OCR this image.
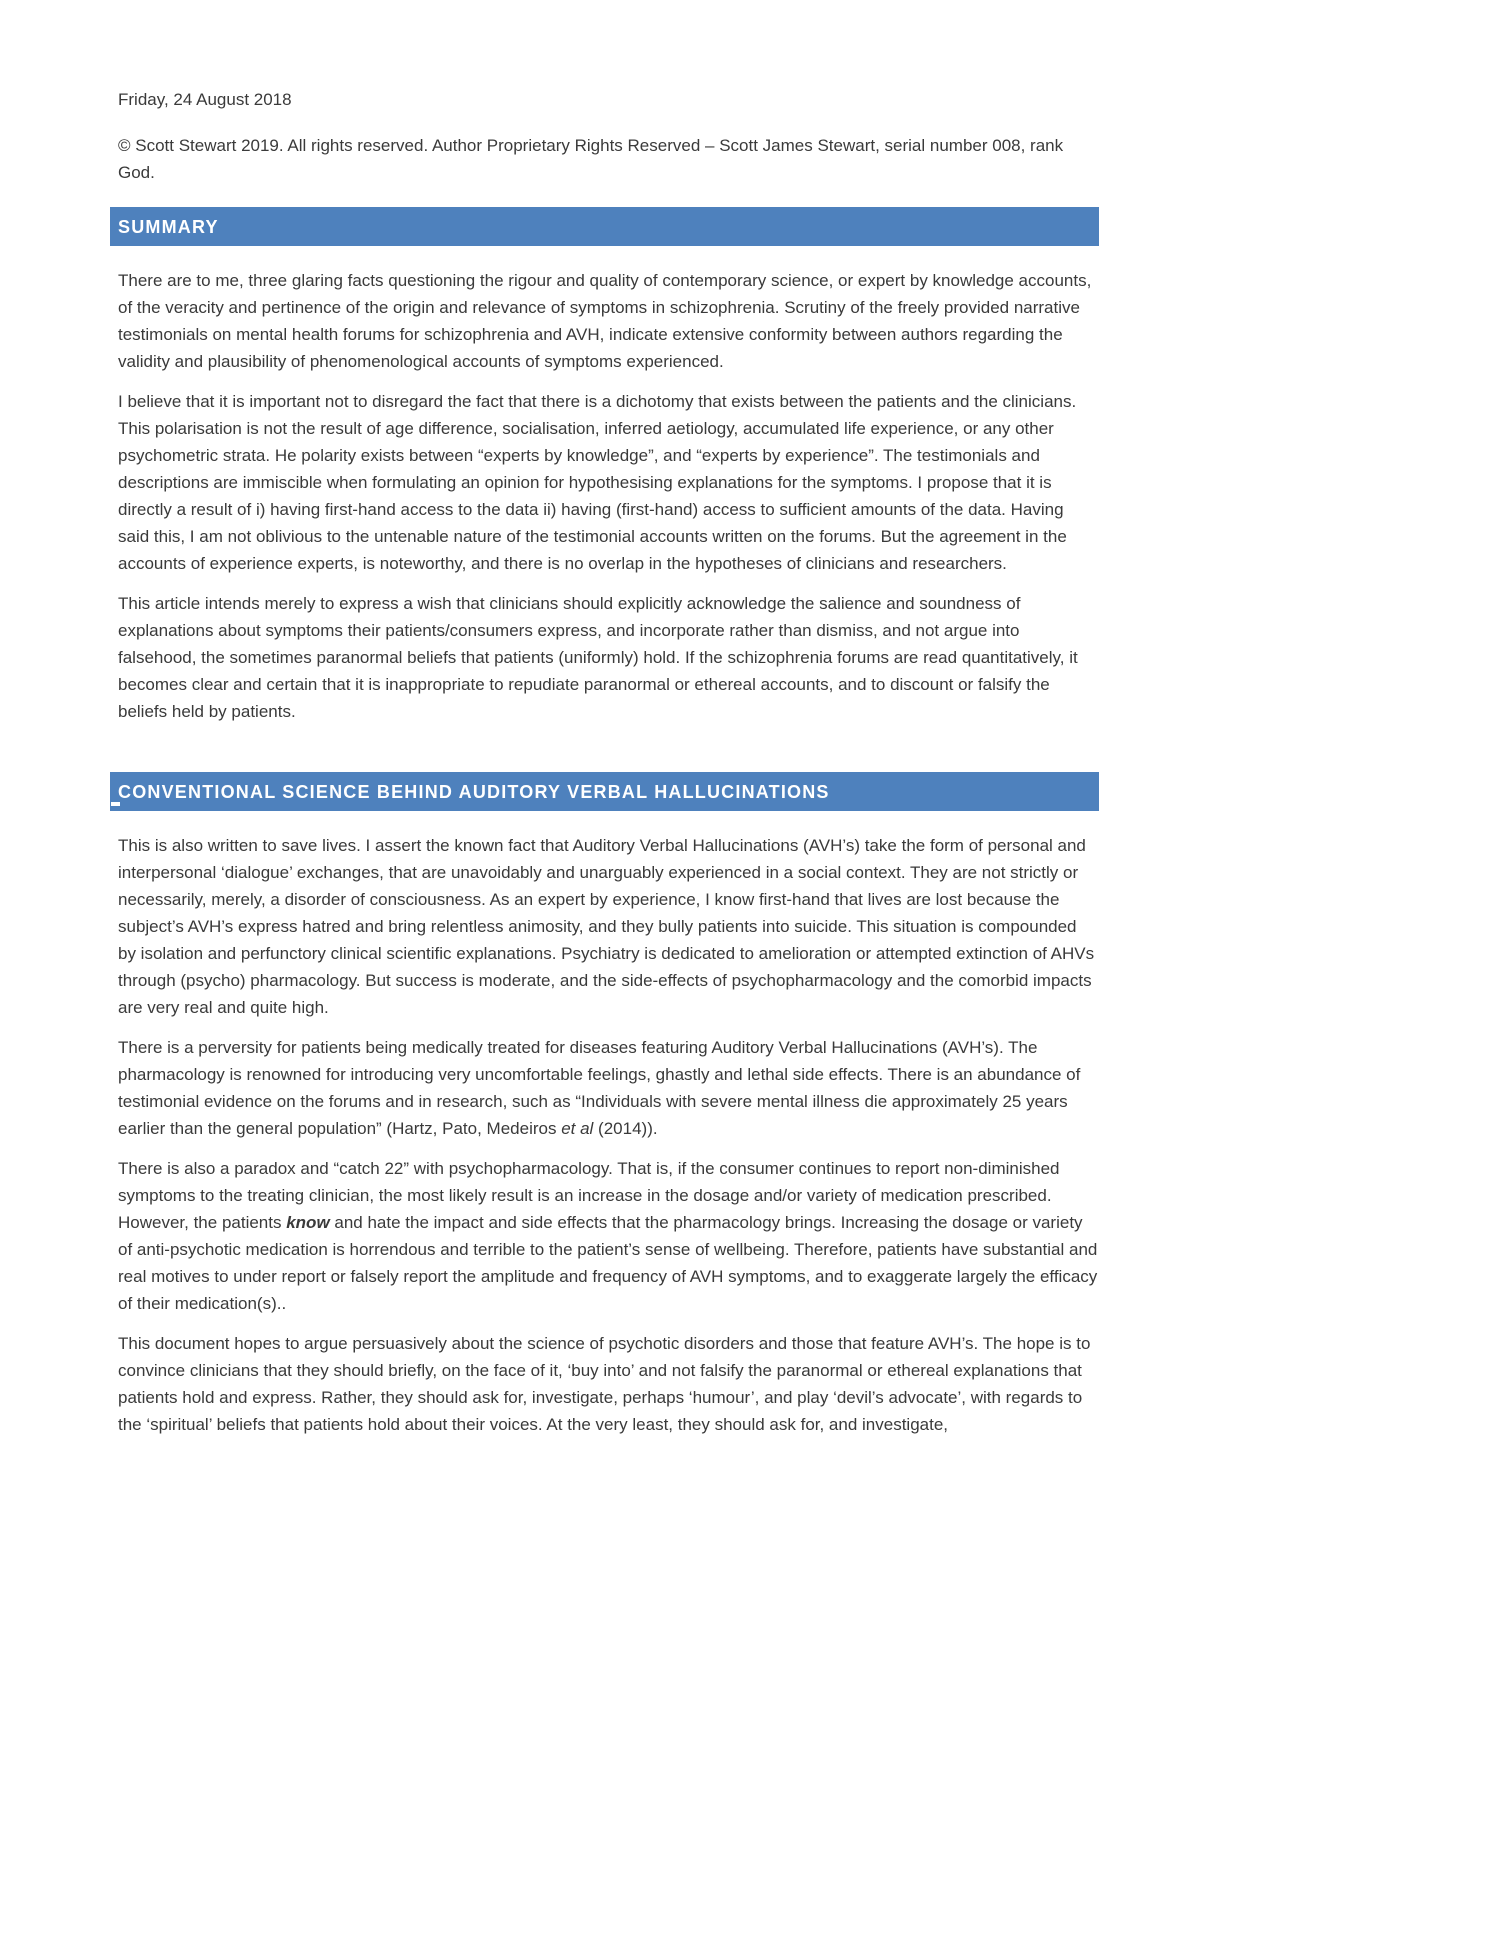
Friday, 24 August 2018

© Scott Stewart 2019. All rights reserved. Author Proprietary Rights Reserved – Scott James Stewart, serial number 008, rank God.

SUMMARY

There are to me, three glaring facts questioning the rigour and quality of contemporary science, or expert by knowledge accounts, of the veracity and pertinence of the origin and relevance of symptoms in schizophrenia. Scrutiny of the freely provided narrative testimonials on mental health forums for schizophrenia and AVH, indicate extensive conformity between authors regarding the validity and plausibility of phenomenological accounts of symptoms experienced.

I believe that it is important not to disregard the fact that there is a dichotomy that exists between the patients and the clinicians. This polarisation is not the result of age difference, socialisation, inferred aetiology, accumulated life experience, or any other psychometric strata. He polarity exists between “experts by knowledge”, and “experts by experience”. The testimonials and descriptions are immiscible when formulating an opinion for hypothesising explanations for the symptoms. I propose that it is directly a result of i) having first-hand access to the data ii) having (first-hand) access to sufficient amounts of the data. Having said this, I am not oblivious to the untenable nature of the testimonial accounts written on the forums. But the agreement in the accounts of experience experts, is noteworthy, and there is no overlap in the hypotheses of clinicians and researchers.

This article intends merely to express a wish that clinicians should explicitly acknowledge the salience and soundness of explanations about symptoms their patients/consumers express, and incorporate rather than dismiss, and not argue into falsehood, the sometimes paranormal beliefs that patients (uniformly) hold. If the schizophrenia forums are read quantitatively, it becomes clear and certain that it is inappropriate to repudiate paranormal or ethereal accounts, and to discount or falsify the beliefs held by patients.

CONVENTIONAL SCIENCE BEHIND AUDITORY VERBAL HALLUCINATIONS

This is also written to save lives. I assert the known fact that Auditory Verbal Hallucinations (AVH’s) take the form of personal and interpersonal ‘dialogue’ exchanges, that are unavoidably and unarguably experienced in a social context. They are not strictly or necessarily, merely, a disorder of consciousness. As an expert by experience, I know first-hand that lives are lost because the subject’s AVH’s express hatred and bring relentless animosity, and they bully patients into suicide. This situation is compounded by isolation and perfunctory clinical scientific explanations. Psychiatry is dedicated to amelioration or attempted extinction of AHVs through (psycho) pharmacology. But success is moderate, and the side-effects of psychopharmacology and the comorbid impacts are very real and quite high.

There is a perversity for patients being medically treated for diseases featuring Auditory Verbal Hallucinations (AVH’s). The pharmacology is renowned for introducing very uncomfortable feelings, ghastly and lethal side effects. There is an abundance of testimonial evidence on the forums and in research, such as “Individuals with severe mental illness die approximately 25 years earlier than the general population” (Hartz, Pato, Medeiros et al (2014)).

There is also a paradox and “catch 22” with psychopharmacology. That is, if the consumer continues to report non-diminished symptoms to the treating clinician, the most likely result is an increase in the dosage and/or variety of medication prescribed. However, the patients know and hate the impact and side effects that the pharmacology brings. Increasing the dosage or variety of anti-psychotic medication is horrendous and terrible to the patient’s sense of wellbeing. Therefore, patients have substantial and real motives to under report or falsely report the amplitude and frequency of AVH symptoms, and to exaggerate largely the efficacy of their medication(s)..

This document hopes to argue persuasively about the science of psychotic disorders and those that feature AVH’s. The hope is to convince clinicians that they should briefly, on the face of it, ‘buy into’ and not falsify the paranormal or ethereal explanations that patients hold and express. Rather, they should ask for, investigate, perhaps ‘humour’, and play ‘devil’s advocate’, with regards to the ‘spiritual’ beliefs that patients hold about their voices. At the very least, they should ask for, and investigate,
